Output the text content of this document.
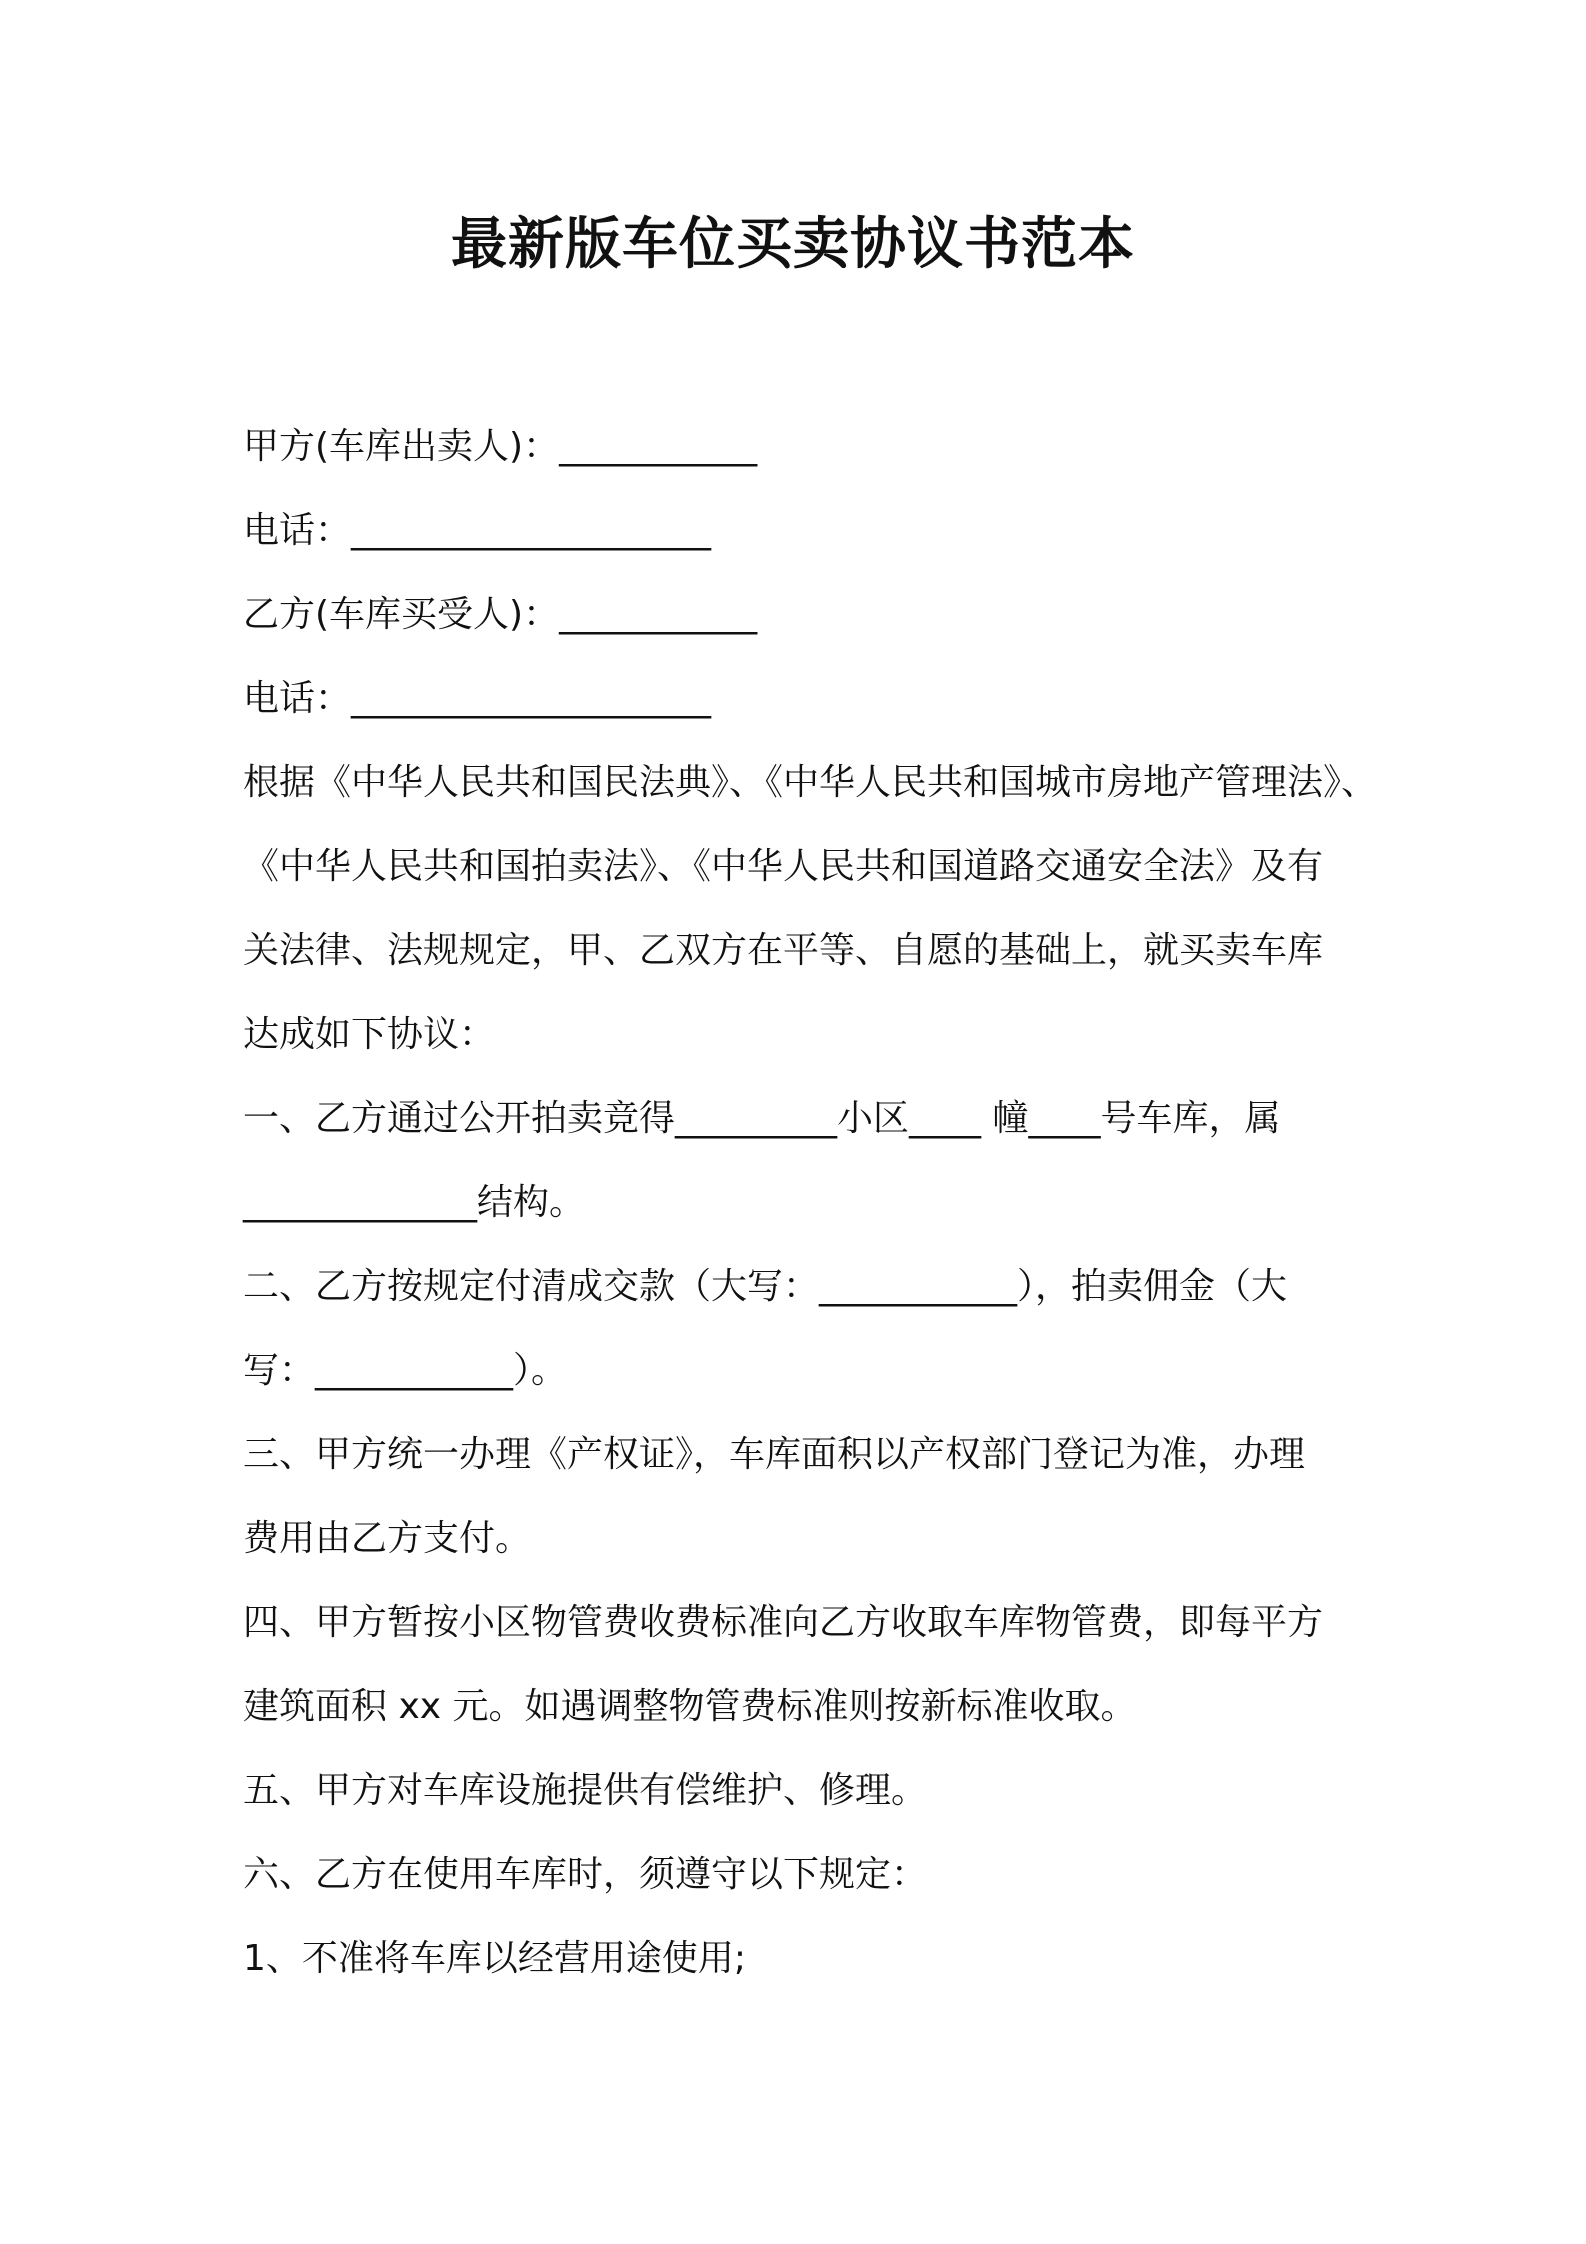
最新版车位买卖协议书范本

甲方(车库出卖人)：___________

电话：____________________

乙方(车库买受人)：___________

电话：____________________

根据《中华人民共和国民法典》、《中华人民共和国城市房地产管理法》、

《中华人民共和国拍卖法》、《中华人民共和国道路交通安全法》及有

关法律、法规规定，甲、乙双方在平等、自愿的基础上，就买卖车库

达成如下协议：

一、乙方通过公开拍卖竞得_________小区____ 幢____号车库，属

_____________结构。

二、乙方按规定付清成交款（大写：___________），拍卖佣金（大

写：___________）。

三、甲方统一办理《产权证》，车库面积以产权部门登记为准，办理

费用由乙方支付。

四、甲方暂按小区物管费收费标准向乙方收取车库物管费，即每平方

建筑面积 xx 元。如遇调整物管费标准则按新标准收取。

五、甲方对车库设施提供有偿维护、修理。

六、乙方在使用车库时，须遵守以下规定：

1、不准将车库以经营用途使用;
